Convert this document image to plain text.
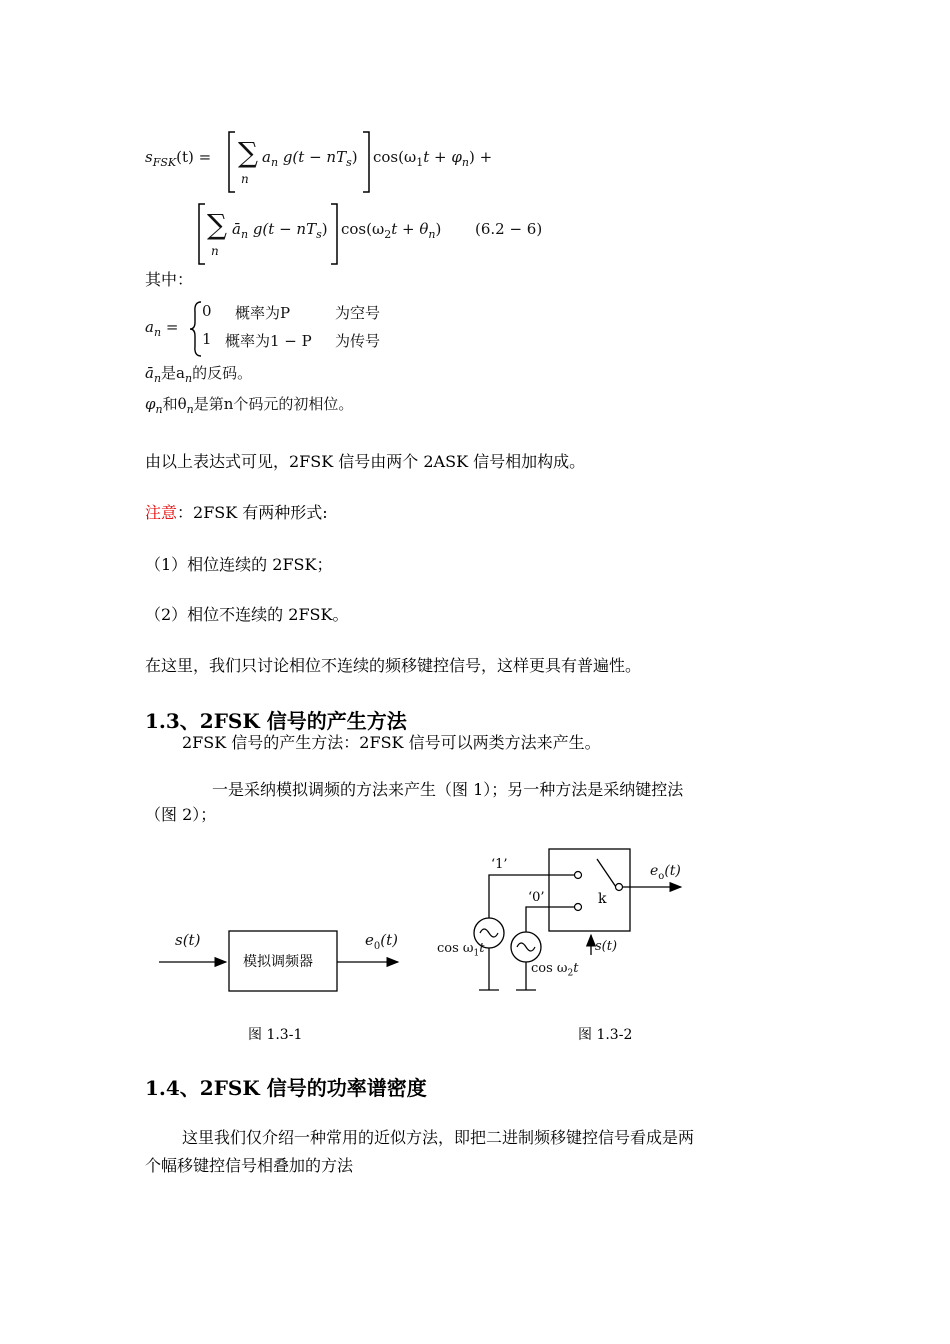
$s_{FSK}(t)$ = ∑
n
$a_n$ $g(t - nT_s)$ $\cos(\omega_1t + \varphi_n)$ +
∑
n
$ā_n$ $g(t - nT_s)$ $\cos(\omega_2t + \theta_n) (6.2 - 6)$
其中：
$a_n$ =
0 概率为P	为空号
1 概率为1 − P 为传号
$ā_n$是$a_n$的反码。
$\varphi_n$和$\theta_n$是第n个码元的初相位。
由以上表达式可见，2FSK 信号由两个 2ASK 信号相加构成。
注意：2FSK 有两种形式:
（1）相位连续的 2FSK；
（2）相位不连续的 2FSK。
在这里，我们只讨论相位不连续的频移键控信号，这样更具有普遍性。
1.3、2FSK 信号的产生方法
2FSK 信号的产生方法：2FSK 信号可以两类方法来产生。
一是采纳模拟调频的方法来产生（图 1）；另一种方法是采纳键控法
（图 2）；
s(t)
模拟调频器
$e_0(t)$
图 1.3-1
‘1’
‘0’	k
$e_o(t)$
$\cos \omega_1t$
$\cos \omega_2t$
s(t)
图 1.3-2
1.4、2FSK 信号的功率谱密度
这里我们仅介绍一种常用的近似方法，即把二进制频移键控信号看成是两
个幅移键控信号相叠加的方法
